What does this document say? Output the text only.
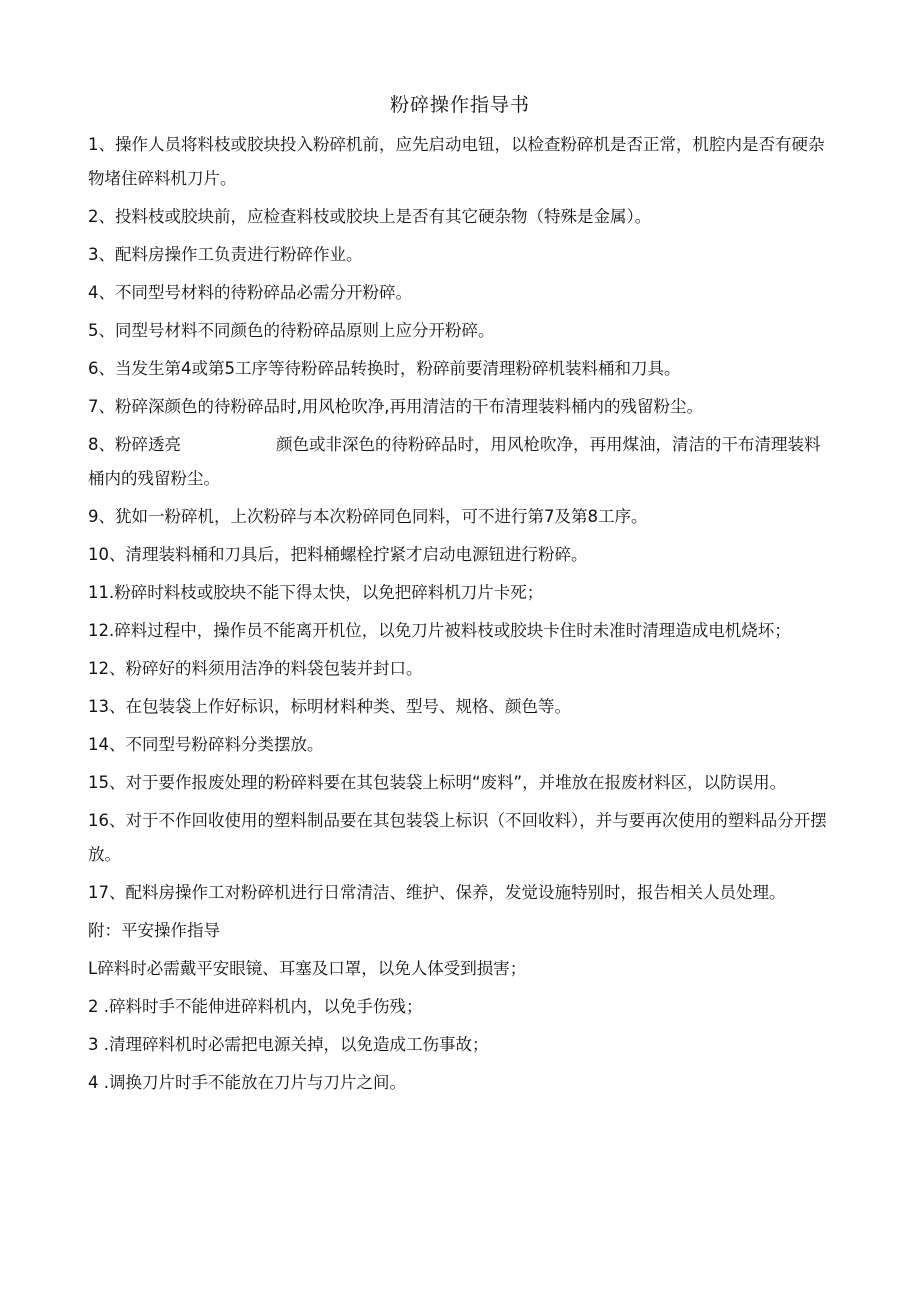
粉碎操作指导书
1、操作人员将料枝或胶块投入粉碎机前，应先启动电钮，以检查粉碎机是否正常，机腔内是否有硬杂物堵住碎料机刀片。
2、投料枝或胶块前，应检查料枝或胶块上是否有其它硬杂物（特殊是金属）。
3、配料房操作工负责进行粉碎作业。
4、不同型号材料的待粉碎品必需分开粉碎。
5、同型号材料不同颜色的待粉碎品原则上应分开粉碎。
6、当发生第4或第5工序等待粉碎品转换时，粉碎前要清理粉碎机装料桶和刀具。
7、粉碎深颜色的待粉碎品时,用风枪吹净,再用清洁的干布清理装料桶内的残留粉尘。
8、粉碎透亮	颜色或非深色的待粉碎品时，用风枪吹净，再用煤油，清洁的干布清理装料桶内的残留粉尘。
9、犹如一粉碎机，上次粉碎与本次粉碎同色同料，可不进行第7及第8工序。
10、清理装料桶和刀具后，把料桶螺栓拧紧才启动电源钮进行粉碎。
11.粉碎时料枝或胶块不能下得太快，以免把碎料机刀片卡死；
12.碎料过程中，操作员不能离开机位，以免刀片被料枝或胶块卡住时未准时清理造成电机烧坏；
12、粉碎好的料须用洁净的料袋包装并封口。
13、在包装袋上作好标识，标明材料种类、型号、规格、颜色等。
14、不同型号粉碎料分类摆放。
15、对于要作报废处理的粉碎料要在其包装袋上标明“废料”，并堆放在报废材料区，以防误用。
16、对于不作回收使用的塑料制品要在其包装袋上标识（不回收料），并与要再次使用的塑料品分开摆放。
17、配料房操作工对粉碎机进行日常清洁、维护、保养，发觉设施特别时，报告相关人员处理。
附：平安操作指导
L碎料时必需戴平安眼镜、耳塞及口罩，以免人体受到损害；
2 .碎料时手不能伸进碎料机内，以免手伤残；
3 .清理碎料机时必需把电源关掉，以免造成工伤事故；
4 .调换刀片时手不能放在刀片与刀片之间。
